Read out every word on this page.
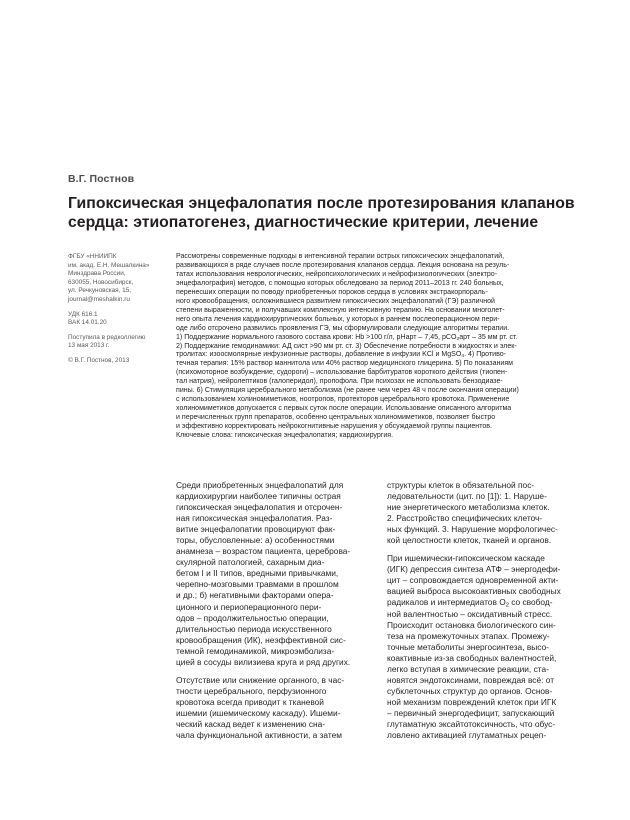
В.Г. Постнов
Гипоксическая энцефалопатия после протезирования клапанов
сердца: этиопатогенез, диагностические критерии, лечение
ФГБУ «ННИИПК
им. акад. Е.Н. Мешалкина»
Минздрава России,
630055, Новосибирск,
ул. Речкуновская, 15,
journal@meshalkin.ru
УДК 616.1
ВАК 14.01.20
Поступила в редколлегию
13 мая 2013 г.
© В.Г. Постнов, 2013
Рассмотрены современные подходы в интенсивной терапии острых гипоксических энцефалопатий,
развивающихся в ряде случаев после протезирования клапанов сердца. Лекция основана на резуль-
татах использования неврологических, нейропсихологических и нейрофизиологических (электро-
энцефалография) методов, с помощью которых обследовано за период 2011–2013 гг. 240 больных,
перенесших операции по поводу приобретенных пороков сердца в условиях экстракорпораль-
ного кровообращения, осложнившиеся развитием гипоксических энцефалопатий (ГЭ) различной
степени выраженности, и получавших комплексную интенсивную терапию. На основании многолет-
него опыта лечения кардиохирургических больных, у которых в раннем послеоперационном пери-
оде либо отсрочено развились проявления ГЭ, мы сформулировали следующие алгоритмы терапии.
1) Поддержание нормального газового состава крови: Hb >100 г/л, pHарт – 7,45, pCO$_2$арт – 35 мм рт. ст.
2) Поддержание гемодинамики: АД сист >90 мм рт. ст. 3) Обеспечение потребности в жидкостях и элек-
тролитах: изоосмолярные инфузионные растворы, добавление в инфузии KCl и MgSO$_4$. 4) Противо-
течная терапия: 15% раствор маннитола или 40% раствор медицинского глицерина. 5) По показаниям
(психомоторное возбуждение, судороги) – использование барбитуратов короткого действия (тиопен-
тал натрия), нейролептиков (галоперидол), пропофола. При психозах не использовать бензодиазе-
пины. 6) Стимуляция церебрального метаболизма (не ранее чем через 48 ч после окончания операции)
с использованием холиномиметиков, ноотропов, протекторов церебрального кровотока. Применение
холиномиметиков допускается с первых суток после операции. Использование описанного алгоритма
и перечисленных групп препаратов, особенно центральных холиномиметиков, позволяет быстро
и эффективно корректировать нейрокогнитивные нарушения у обсуждаемой группы пациентов.
Ключевые слова: гипоксическая энцефалопатия; кардиохирургия.
Среди приобретенных энцефалопатий для
кардиохирургии наиболее типичны острая
гипоксическая энцефалопатия и отсрочен-
ная гипоксическая энцефалопатия. Раз-
витие энцефалопатии провоцируют фак-
торы, обусловленные: а) особенностями
анамнеза – возрастом пациента, цереброва-
скулярной патологией, сахарным диа-
бетом I и II типов, вредными привычками,
черепно-мозговыми травмами в прошлом
и др.; б) негативными факторами опера-
ционного и периоперационного пери-
одов – продолжительностью операции,
длительностью периода искусственного
кровообращения (ИК), неэффективной сис-
темной гемодинамикой, микроэмболиза-
цией в сосуды вилизиева круга и ряд других.
Отсутствие или снижение органного, в час-
тности церебрального, перфузионного
кровотока всегда приводит к тканевой
ишемии (ишемическому каскаду). Ишеми-
ческий каскад ведет к изменению сна-
чала функциональной активности, а затем
структуры клеток в обязательной пос-
ледовательности (цит. по [1]): 1. Наруше-
ние энергетического метаболизма клеток.
2. Расстройство специфических клеточ-
ных функций. 3. Нарушение морфологичес-
кой целостности клеток, тканей и органов.
При ишемически-гипоксическом каскаде
(ИГК) депрессия синтеза АТФ – энергодефи-
цит – сопровождается одновременной акти-
вацией выброса высокоактивных свободных
радикалов и интермедиатов $O_2$ со свобод-
ной валентностью – оксидативный стресс.
Происходит остановка биологического син-
теза на промежуточных этапах. Промежу-
точные метаболиты энергосинтеза, высо-
коактивные из-за свободных валентностей,
легко вступая в химические реакции, ста-
новятся эндотоксинами, повреждая всё: от
субклеточных структур до органов. Основ-
ной механизм повреждений клеток при ИГК
– первичный энергодефицит, запускающий
глутаматную эксайтотоксичность, что обус-
ловлено активацией глутаматных рецеп-
